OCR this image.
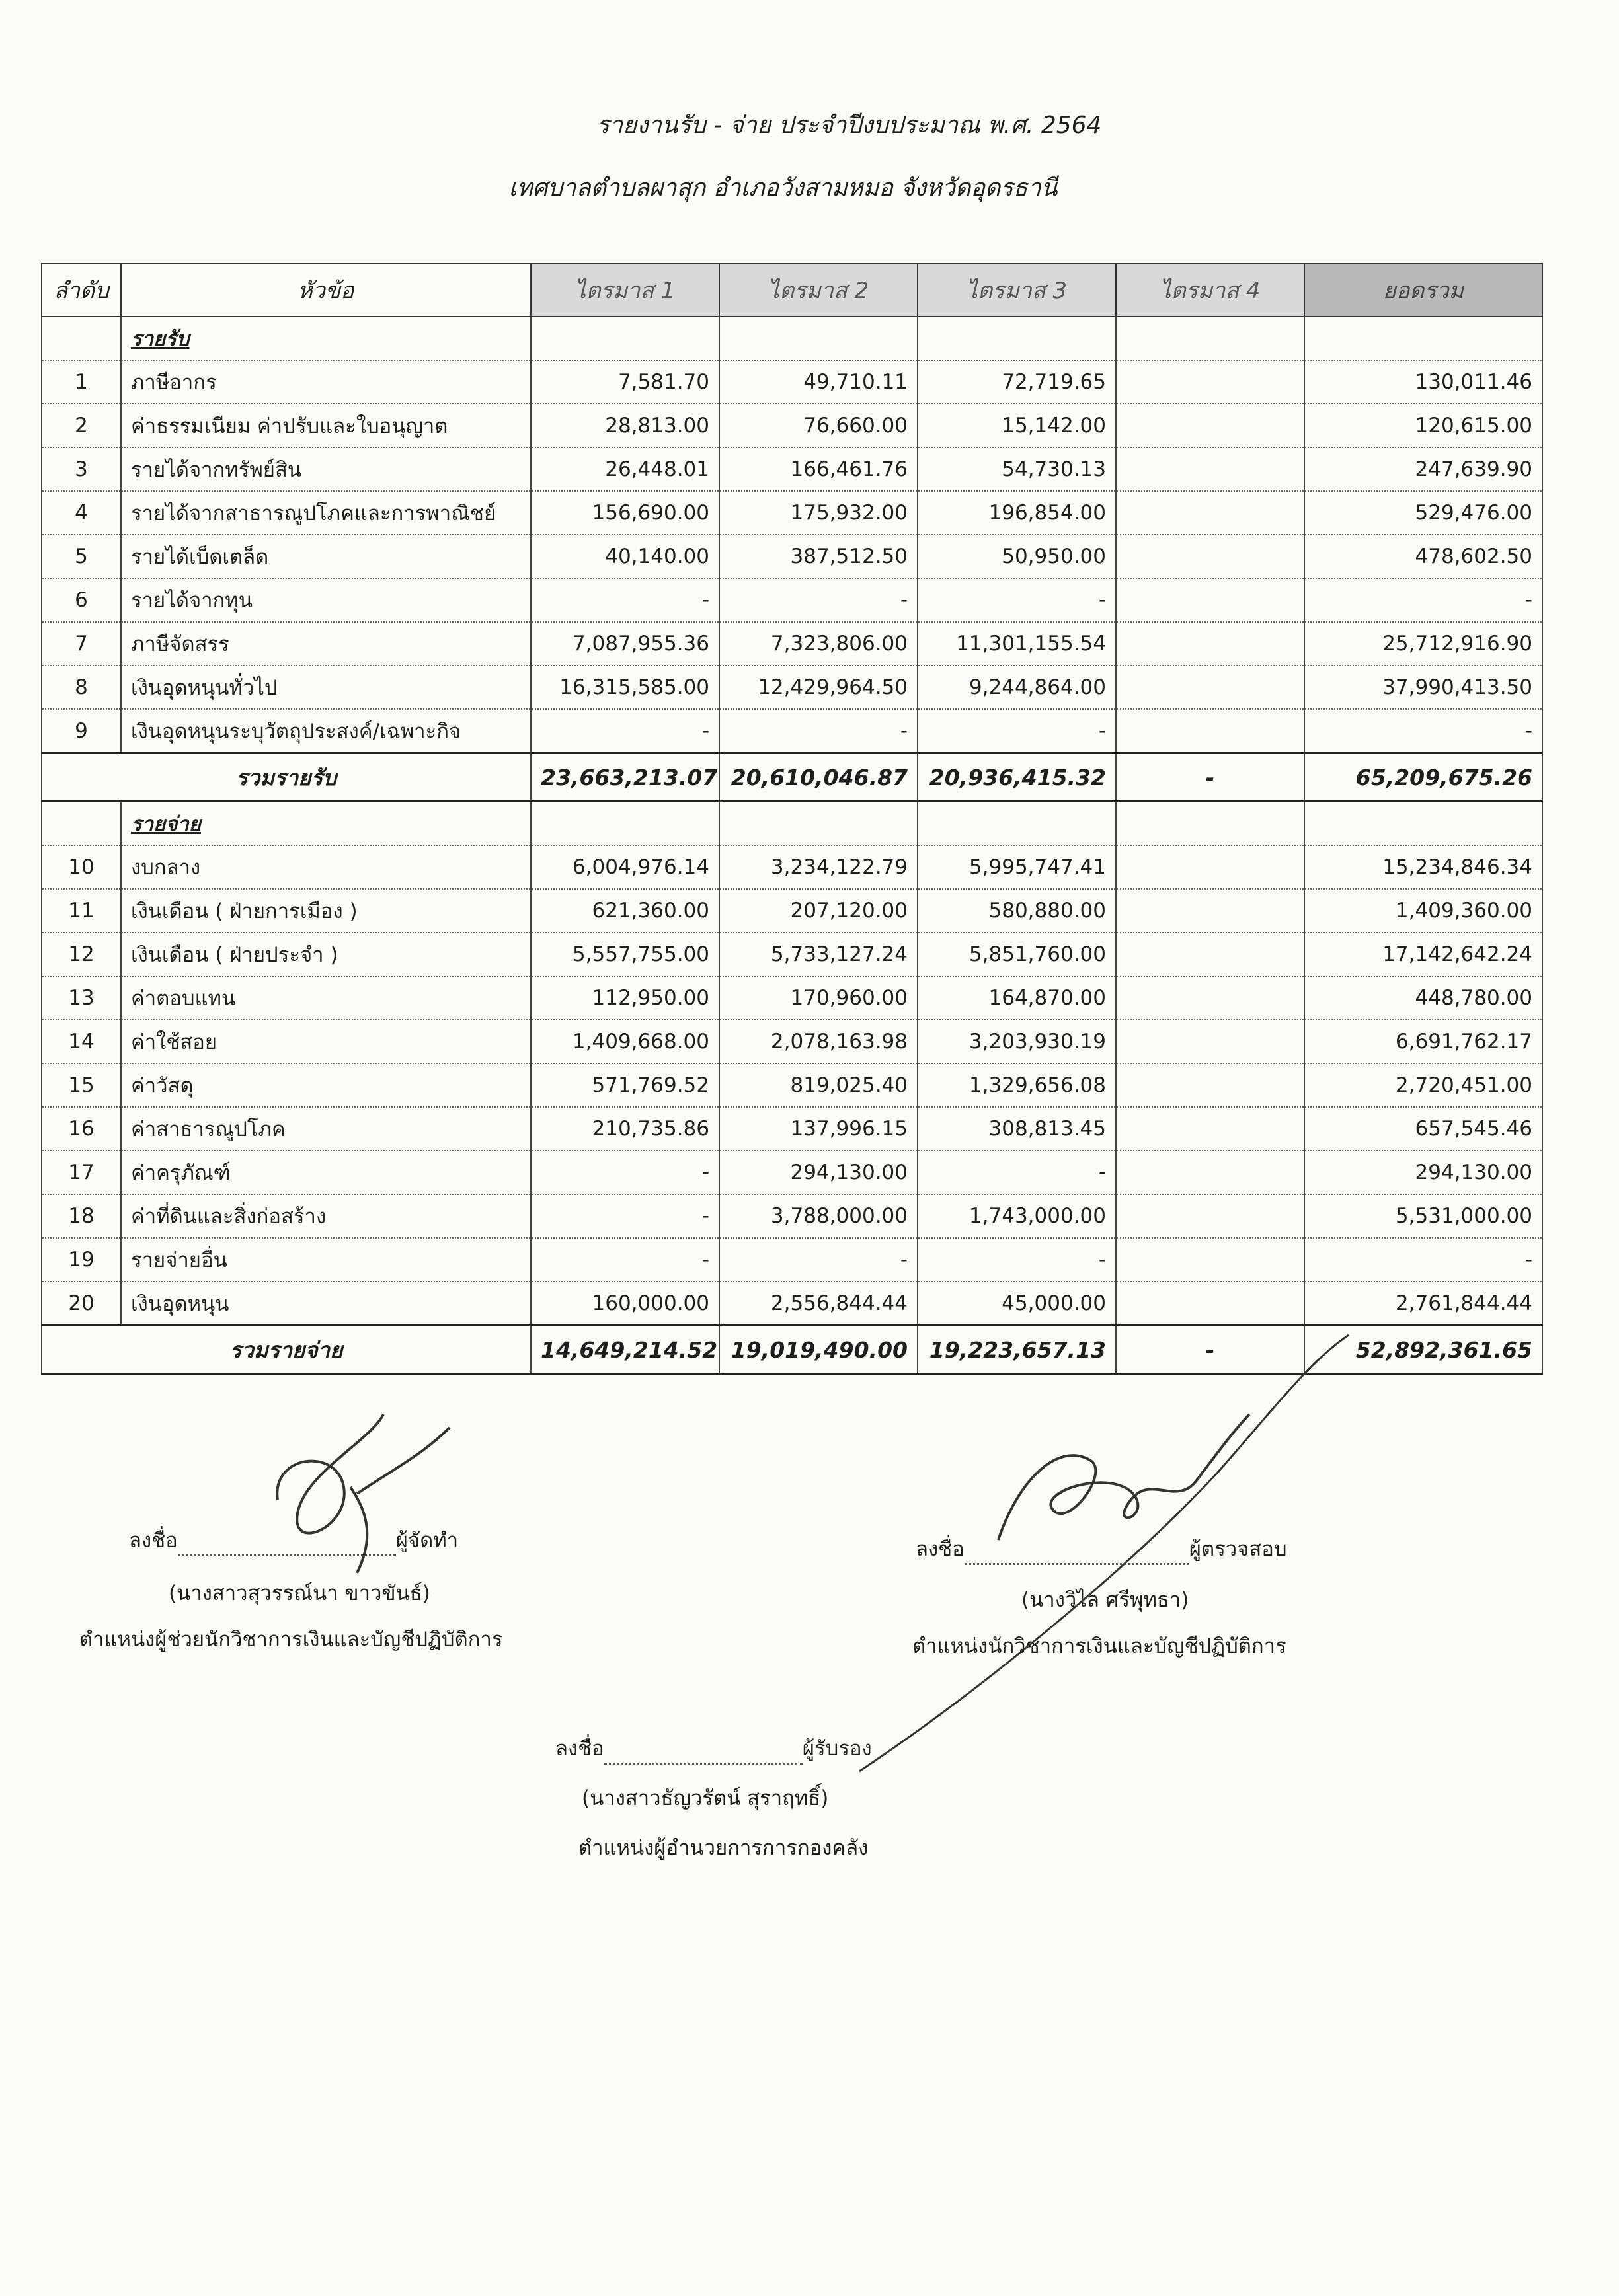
รายงานรับ - จ่าย ประจำปีงบประมาณ พ.ศ. 2564
เทศบาลตำบลผาสุก อำเภอวังสามหมอ จังหวัดอุดรธานี
ลำดับ	หัวข้อ	ไตรมาส 1	ไตรมาส 2	ไตรมาส 3	ไตรมาส 4	ยอดรวม
	รายรับ					
1	ภาษีอากร	7,581.70	49,710.11	72,719.65		130,011.46
2	ค่าธรรมเนียม ค่าปรับและใบอนุญาต	28,813.00	76,660.00	15,142.00		120,615.00
3	รายได้จากทรัพย์สิน	26,448.01	166,461.76	54,730.13		247,639.90
4	รายได้จากสาธารณูปโภคและการพาณิชย์	156,690.00	175,932.00	196,854.00		529,476.00
5	รายได้เบ็ดเตล็ด	40,140.00	387,512.50	50,950.00		478,602.50
6	รายได้จากทุน	-	-	-		-
7	ภาษีจัดสรร	7,087,955.36	7,323,806.00	11,301,155.54		25,712,916.90
8	เงินอุดหนุนทั่วไป	16,315,585.00	12,429,964.50	9,244,864.00		37,990,413.50
9	เงินอุดหนุนระบุวัตถุประสงค์/เฉพาะกิจ	-	-	-		-
รวมรายรับ		23,663,213.07	20,610,046.87	20,936,415.32	-	65,209,675.26
	รายจ่าย					
10	งบกลาง	6,004,976.14	3,234,122.79	5,995,747.41		15,234,846.34
11	เงินเดือน ( ฝ่ายการเมือง )	621,360.00	207,120.00	580,880.00		1,409,360.00
12	เงินเดือน ( ฝ่ายประจำ )	5,557,755.00	5,733,127.24	5,851,760.00		17,142,642.24
13	ค่าตอบแทน	112,950.00	170,960.00	164,870.00		448,780.00
14	ค่าใช้สอย	1,409,668.00	2,078,163.98	3,203,930.19		6,691,762.17
15	ค่าวัสดุ	571,769.52	819,025.40	1,329,656.08		2,720,451.00
16	ค่าสาธารณูปโภค	210,735.86	137,996.15	308,813.45		657,545.46
17	ค่าครุภัณฑ์	-	294,130.00	-		294,130.00
18	ค่าที่ดินและสิ่งก่อสร้าง	-	3,788,000.00	1,743,000.00		5,531,000.00
19	รายจ่ายอื่น	-	-	-		-
20	เงินอุดหนุน	160,000.00	2,556,844.44	45,000.00		2,761,844.44
รวมรายจ่าย		14,649,214.52	19,019,490.00	19,223,657.13	-	52,892,361.65
ลงชื่อ	ผู้จัดทำ
(นางสาวสุวรรณ์นา ขาวขันธ์)
ตำแหน่งผู้ช่วยนักวิชาการเงินและบัญชีปฏิบัติการ
ลงชื่อ	ผู้ตรวจสอบ
(นางวิไล ศรีพุทธา)
ตำแหน่งนักวิชาการเงินและบัญชีปฏิบัติการ
ลงชื่อ	ผู้รับรอง
(นางสาวธัญวรัตน์ สุราฤทธิ์)
ตำแหน่งผู้อำนวยการการกองคลัง
